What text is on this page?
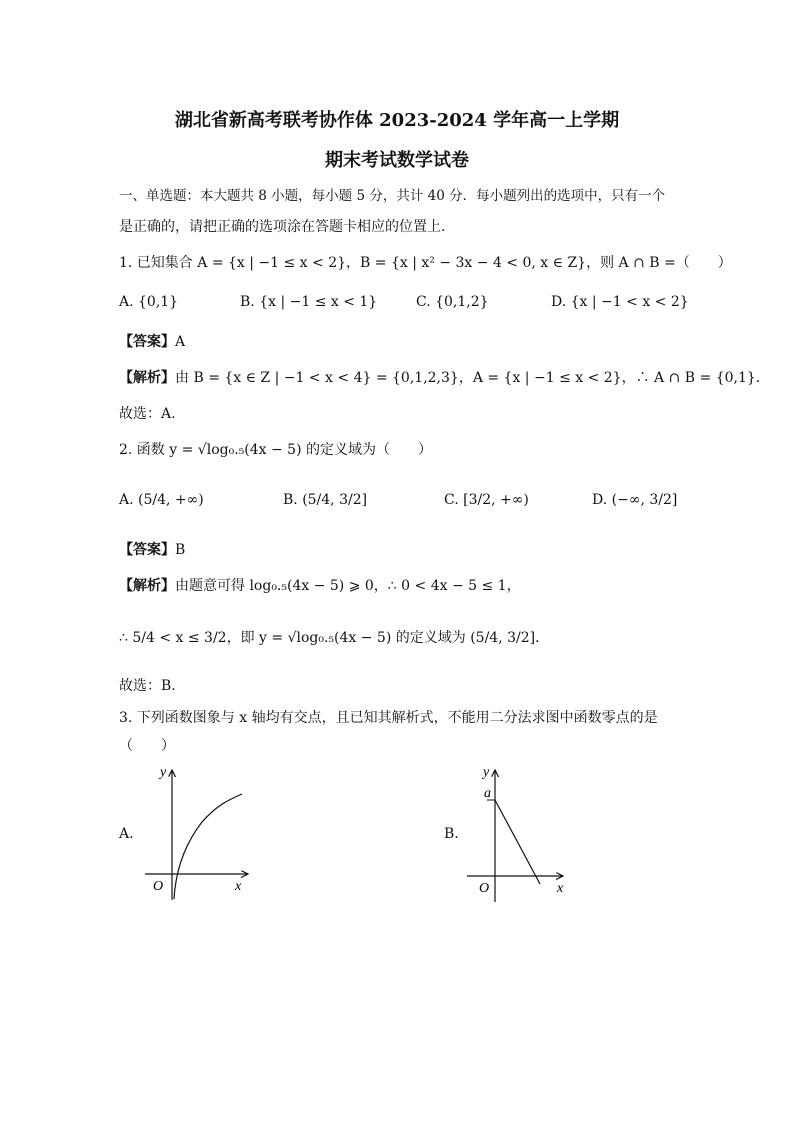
湖北省新高考联考协作体 2023-2024 学年高一上学期
期末考试数学试卷
一、单选题：本大题共 8 小题，每小题 5 分，共计 40 分．每小题列出的选项中，只有一个
是正确的，请把正确的选项涂在答题卡相应的位置上．
1. 已知集合 A = {x | −1 ≤ x < 2}，B = {x | x² − 3x − 4 < 0, x ∈ Z}，则 A ∩ B =（　　）
A. {0,1}	B. {x | −1 ≤ x < 1}	C. {0,1,2}	D. {x | −1 < x < 2}
【答案】A
【解析】由 B = {x ∈ Z | −1 < x < 4} = {0,1,2,3}，A = {x | −1 ≤ x < 2}，∴ A ∩ B = {0,1}．
故选：A.
2. 函数 y = √log₀.₅(4x − 5) 的定义域为（　　）
A. (5/4, +∞)	B. (5/4, 3/2]	C. [3/2, +∞)	D. (−∞, 3/2]
【答案】B
【解析】由题意可得 log₀.₅(4x − 5) ⩾ 0，∴ 0 < 4x − 5 ≤ 1，
∴ 5/4 < x ≤ 3/2，即 y = √log₀.₅(4x − 5) 的定义域为 (5/4, 3/2]．
故选：B.
3. 下列函数图象与 x 轴均有交点，且已知其解析式，不能用二分法求图中函数零点的是
（　　）
A.
y
x
O
B.
y
a
x
O
